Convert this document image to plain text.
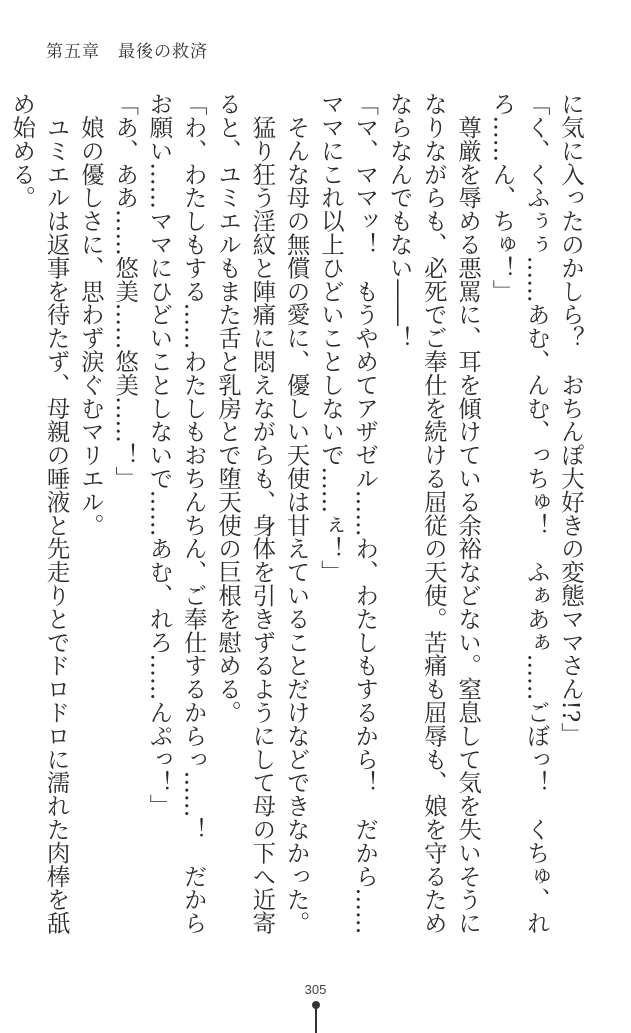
第五章　最後の救済

に気に入ったのかしら？　おちんぽ大好きの変態ママさん!?」

「く、くふぅぅ……あむ、んむ、っちゅ！　ふぁあぁ……ごぼっ！　くちゅ、れろ……ん、ちゅ！」

　尊厳を辱める悪罵に、耳を傾けている余裕などない。窒息して気を失いそうになりながらも、必死でご奉仕を続ける屈従の天使。苦痛も屈辱も、娘を守るためならなんでもない――！

「マ、ママッ！　もうやめてアザゼル……わ、わたしもするから！　だから……ママにこれ以上ひどいことしないで……ぇ！」

　そんな母の無償の愛に、優しい天使は甘えていることだけなどできなかった。

　猛り狂う淫紋と陣痛に悶えながらも、身体を引きずるようにして母の下へ近寄ると、ユミエルもまた舌と乳房とで堕天使の巨根を慰める。

「わ、わたしもする……わたしもおちんちん、ご奉仕するからっ……！　だからお願い……ママにひどいことしないで……あむ、れろ……んぷっ！」

「あ、ああ……悠美……悠美……！」

　娘の優しさに、思わず涙ぐむマリエル。

　ユミエルは返事を待たず、母親の唾液と先走りとでドロドロに濡れた肉棒を舐め始める。

305
